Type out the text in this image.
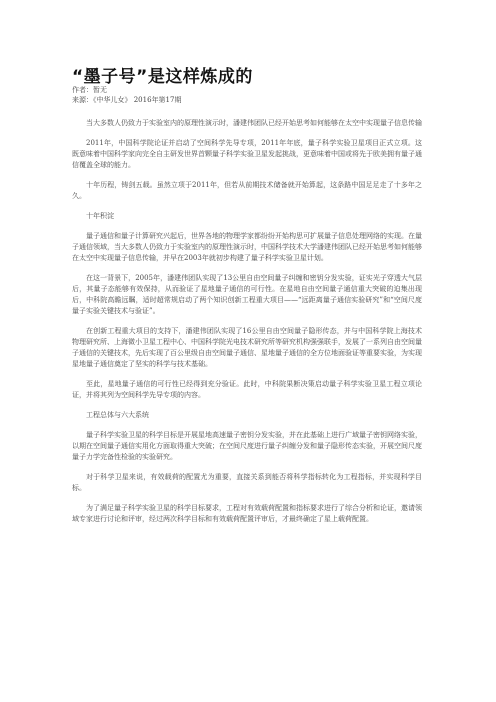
“墨子号”是这样炼成的
作者：暂无
来源：《中华儿女》 2016年第17期

当大多数人仍致力于实验室内的原理性演示时，潘建伟团队已经开始思考如何能够在太空中实现量子信息传输

2011年，中国科学院论证并启动了空间科学先导专项，2011年年底，量子科学实验卫星项目正式立项。这既意味着中国科学家向完全自主研发世界首颗量子科学实验卫星发起挑战，更意味着中国或将先于欧美拥有量子通信覆盖全球的能力。

十年历程，铸剑五载。虽然立项于2011年，但若从前期技术储备就开始算起，这条路中国足足走了十多年之久。

十年积淀

量子通信和量子计算研究兴起后，世界各地的物理学家都纷纷开始构思可扩展量子信息处理网络的实现。在量子通信领域，当大多数人仍致力于实验室内的原理性演示时，中国科学技术大学潘建伟团队已经开始思考如何能够在太空中实现量子信息传输，并早在2003年就初步构建了量子科学实验卫星计划。

在这一背景下，2005年，潘建伟团队实现了13公里自由空间量子纠缠和密钥分发实验，证实光子穿透大气层后，其量子态能够有效保持，从而验证了星地量子通信的可行性。在星地自由空间量子通信重大突破的迫集出现后，中科院高瞻远瞩，适时超常规启动了两个知识创新工程重大项目——“远距离量子通信实验研究”和“空间尺度量子实验关键技术与验证”。

在创新工程重大项目的支持下，潘建伟团队实现了16公里自由空间量子隐形传态，并与中国科学院上海技术物理研究所、上海微小卫星工程中心、中国科学院光电技术研究所等研究机构强强联手，发展了一系列自由空间量子通信的关键技术，先后实现了百公里级自由空间量子通信、星地量子通信的全方位地面验证等重要实验，为实现星地量子通信奠定了坚实的科学与技术基础。

至此，星地量子通信的可行性已经得到充分验证。此时，中科院果断决策启动量子科学实验卫星工程立项论证，并将其列为空间科学先导专项的内容。

工程总体与六大系统

量子科学实验卫星的科学目标是开展星地高速量子密钥分发实验，并在此基础上进行广域量子密钥网络实验，以期在空间量子通信实用化方面取得重大突破；在空间尺度进行量子纠缠分发和量子隐形传态实验，开展空间尺度量子力学完备性检验的实验研究。

对于科学卫星来说，有效载荷的配置尤为重要，直接关系到能否将科学指标转化为工程指标，并实现科学目标。

为了满足量子科学实验卫星的科学目标要求，工程对有效载荷配置和指标要求进行了综合分析和论证，邀请领域专家进行讨论和评审，经过两次科学目标和有效载荷配置评审后，才最终确定了星上载荷配置。
